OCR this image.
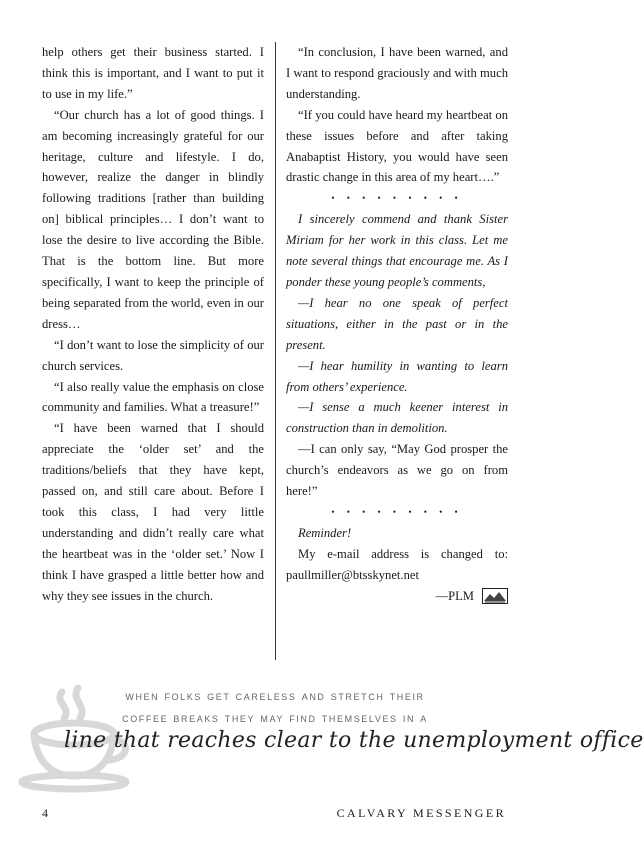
help others get their business started. I think this is important, and I want to put it to use in my life.”

“Our church has a lot of good things. I am becoming increasingly grateful for our heritage, culture and lifestyle. I do, however, realize the danger in blindly following traditions [rather than building on] biblical principles… I don’t want to lose the desire to live according the Bible. That is the bottom line. But more specifically, I want to keep the principle of being separated from the world, even in our dress…

“I don’t want to lose the simplicity of our church services.

“I also really value the emphasis on close community and families. What a treasure!”

“I have been warned that I should appreciate the ‘older set’ and the traditions/beliefs that they have kept, passed on, and still care about. Before I took this class, I had very little understanding and didn’t really care what the heartbeat was in the ‘older set.’ Now I think I have grasped a little better how and why they see issues in the church.

“In conclusion, I have been warned, and I want to respond graciously and with much understanding.

“If you could have heard my heartbeat on these issues before and after taking Anabaptist History, you would have seen drastic change in this area of my heart….”

• • • • • • • • •

I sincerely commend and thank Sister Miriam for her work in this class. Let me note several things that encourage me. As I ponder these young people’s comments,

—I hear no one speak of perfect situations, either in the past or in the present.

—I hear humility in wanting to learn from others’ experience.

—I sense a much keener interest in construction than in demolition.

—I can only say, “May God prosper the church’s endeavors as we go on from here!”

• • • • • • • • •

Reminder!

My e-mail address is changed to: paullmiller@btsskynet.net

—PLM
when folks get careless and stretch their
coffee breaks they may find themselves in a
line that reaches clear to the unemployment office
4	CALVARY MESSENGER
